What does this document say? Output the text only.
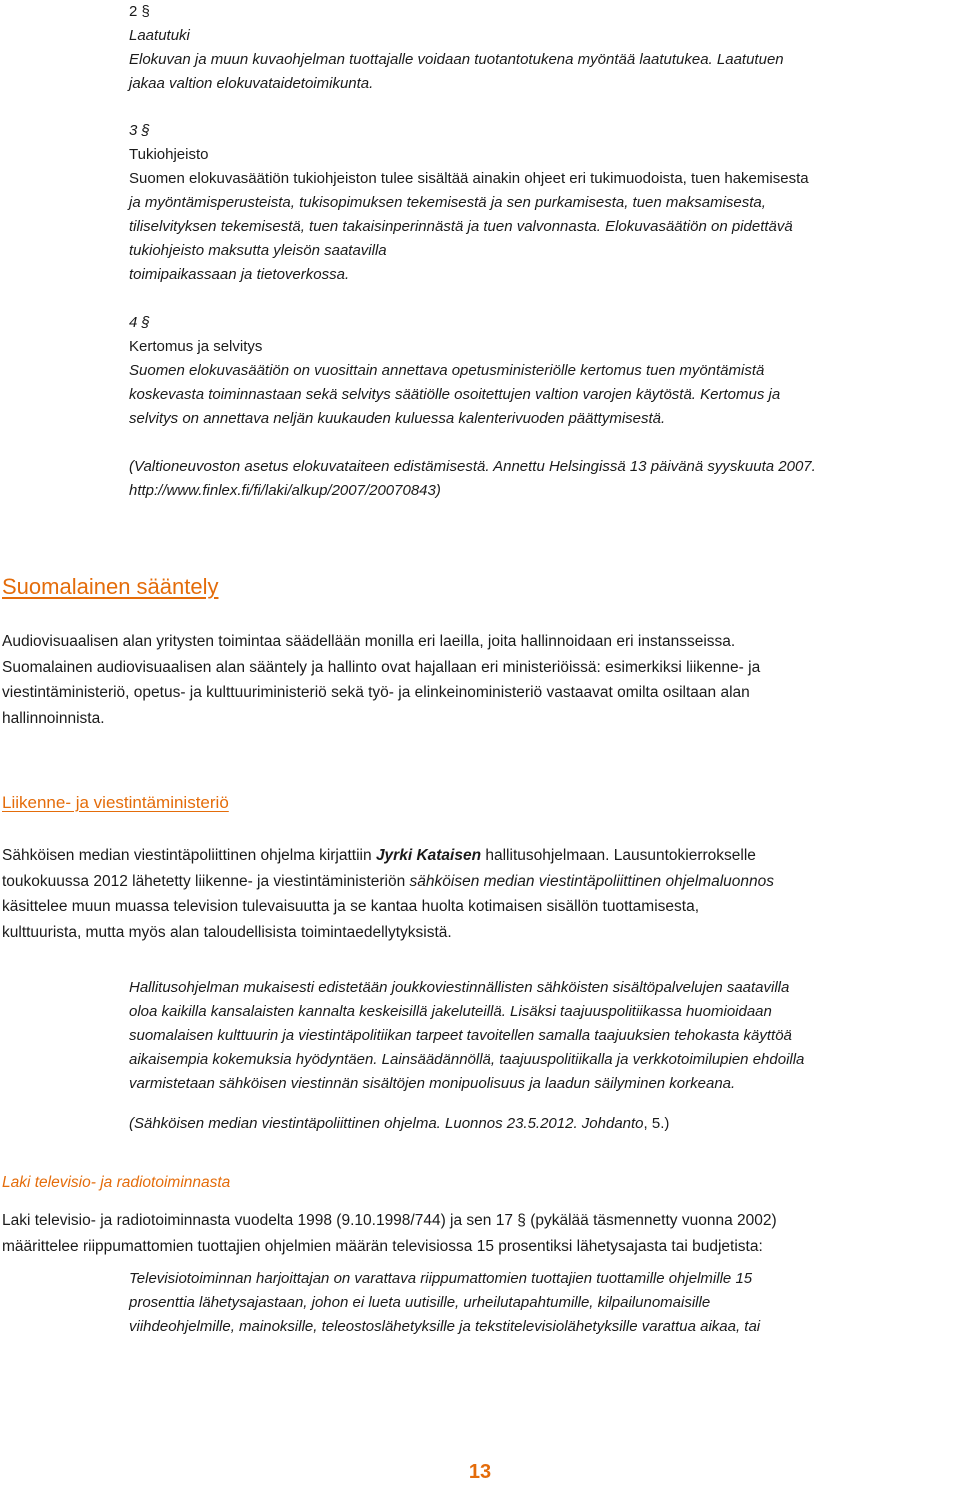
2 §
Laatutuki
Elokuvan ja muun kuvaohjelman tuottajalle voidaan tuotantotukena myöntää laatutukea. Laatutuen
jakaa valtion elokuvataidetoimikunta.
3 §
Tukiohjeisto
Suomen elokuvasäätiön tukiohjeiston tulee sisältää ainakin ohjeet eri tukimuodoista, tuen hakemisesta
ja myöntämisperusteista, tukisopimuksen tekemisestä ja sen purkamisesta, tuen maksamisesta,
tiliselvityksen tekemisestä, tuen takaisinperinnästä ja tuen valvonnasta. Elokuvasäätiön on pidettävä
tukiohjeisto maksutta yleisön saatavilla
toimipaikassaan ja tietoverkossa.
4 §
Kertomus ja selvitys
Suomen elokuvasäätiön on vuosittain annettava opetusministeriölle kertomus tuen myöntämistä
koskevasta toiminnastaan sekä selvitys säätiölle osoitettujen valtion varojen käytöstä. Kertomus ja
selvitys on annettava neljän kuukauden kuluessa kalenterivuoden päättymisestä.
(Valtioneuvoston asetus elokuvataiteen edistämisestä. Annettu Helsingissä 13 päivänä syyskuuta 2007.
http://www.finlex.fi/fi/laki/alkup/2007/20070843)
Suomalainen sääntely
Audiovisuaalisen alan yritysten toimintaa säädellään monilla eri laeilla, joita hallinnoidaan eri instansseissa.
Suomalainen audiovisuaalisen alan sääntely ja hallinto ovat hajallaan eri ministeriöissä: esimerkiksi liikenne- ja
viestintäministeriö, opetus- ja kulttuuriministeriö sekä työ- ja elinkeinoministeriö vastaavat omilta osiltaan alan
hallinnoinnista.
Liikenne- ja viestintäministeriö
Sähköisen median viestintäpoliittinen ohjelma kirjattiin Jyrki Kataisen hallitusohjelmaan. Lausuntokierrokselle
toukokuussa 2012 lähetetty liikenne- ja viestintäministeriön sähköisen median viestintäpoliittinen ohjelmaluonnos
käsittelee muun muassa television tulevaisuutta ja se kantaa huolta kotimaisen sisällön tuottamisesta,
kulttuurista, mutta myös alan taloudellisista toimintaedellytyksistä.
Hallitusohjelman mukaisesti edistetään joukkoviestinnällisten sähköisten sisältöpalvelujen saatavilla
oloa kaikilla kansalaisten kannalta keskeisillä jakeluteillä. Lisäksi taajuuspolitiikassa huomioidaan
suomalaisen kulttuurin ja viestintäpolitiikan tarpeet tavoitellen samalla taajuuksien tehokasta käyttöä
aikaisempia kokemuksia hyödyntäen. Lainsäädännöllä, taajuuspolitiikalla ja verkkotoimilupien ehdoilla
varmistetaan sähköisen viestinnän sisältöjen monipuolisuus ja laadun säilyminen korkeana.
(Sähköisen median viestintäpoliittinen ohjelma. Luonnos 23.5.2012. Johdanto, 5.)
Laki televisio- ja radiotoiminnasta
Laki televisio- ja radiotoiminnasta vuodelta 1998 (9.10.1998/744) ja sen 17 § (pykälää täsmennetty vuonna 2002)
määrittelee riippumattomien tuottajien ohjelmien määrän televisiossa 15 prosentiksi lähetysajasta tai budjetista:
Televisiotoiminnan harjoittajan on varattava riippumattomien tuottajien tuottamille ohjelmille 15
prosenttia lähetysajastaan, johon ei lueta uutisille, urheilutapahtumille, kilpailunomaisille
viihdeohjelmille, mainoksille, teleostoslähetyksille ja tekstitelevisiolähetyksille varattua aikaa, tai
13
